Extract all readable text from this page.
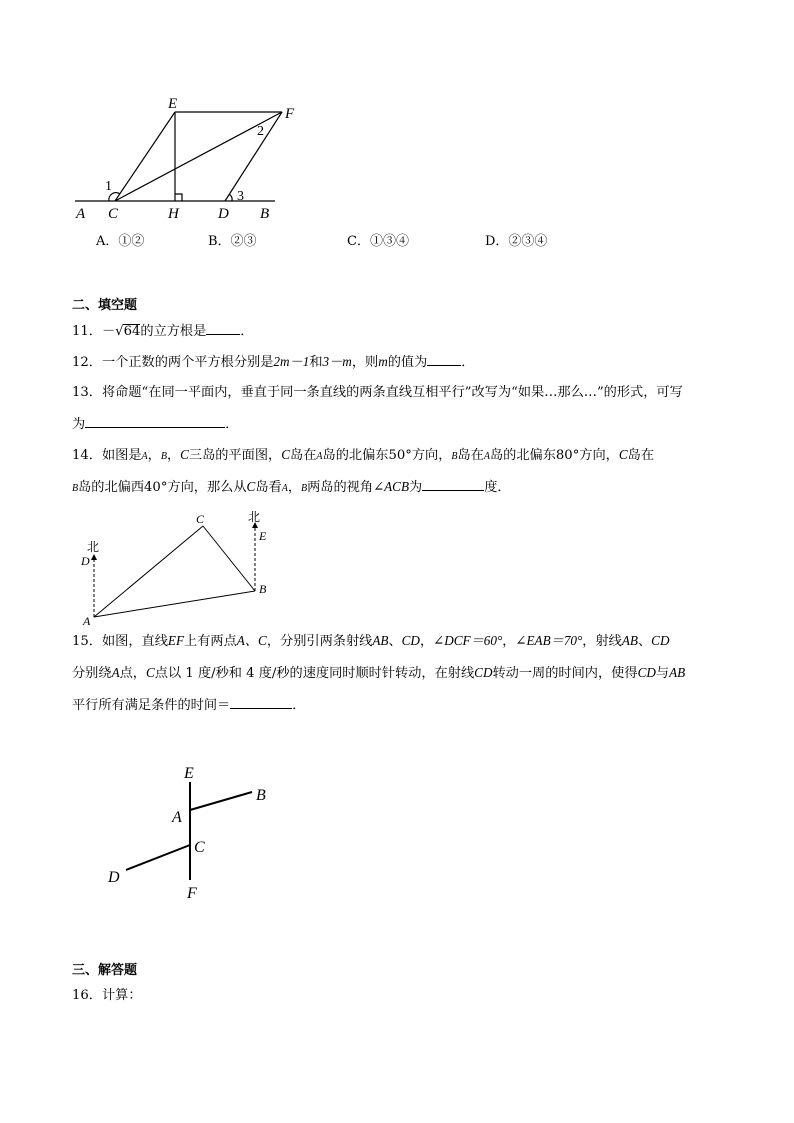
E
F
A C	H	D B
1
2
3
A．①②	B．②③	C．①③④	D．②③④
二、填空题
11．－√64的立方根是	．
12．一个正数的两个平方根分别是2m－1和3－m，则m的值为	．
13．将命题“在同一平面内，垂直于同一条直线的两条直线互相平行”改写为“如果…那么…”的形式，可写
为	．
14．如图是A，B，C三岛的平面图，C岛在A岛的北偏东50°方向，B岛在A岛的北偏东80°方向，C岛在
B岛的北偏西40°方向，那么从C岛看A，B两岛的视角∠ACB为	度．
C
E
D
B
A
北
北
15．如图，直线EF上有两点A、C，分别引两条射线AB、CD，∠DCF＝60°，∠EAB＝70°，射线AB、CD
分别绕A点，C点以 1 度/秒和 4 度/秒的速度同时顺时针转动，在射线CD转动一周的时间内，使得CD与AB
平行所有满足条件的时间＝	．
E
B
A
C
D
F
三、解答题
16．计算：
